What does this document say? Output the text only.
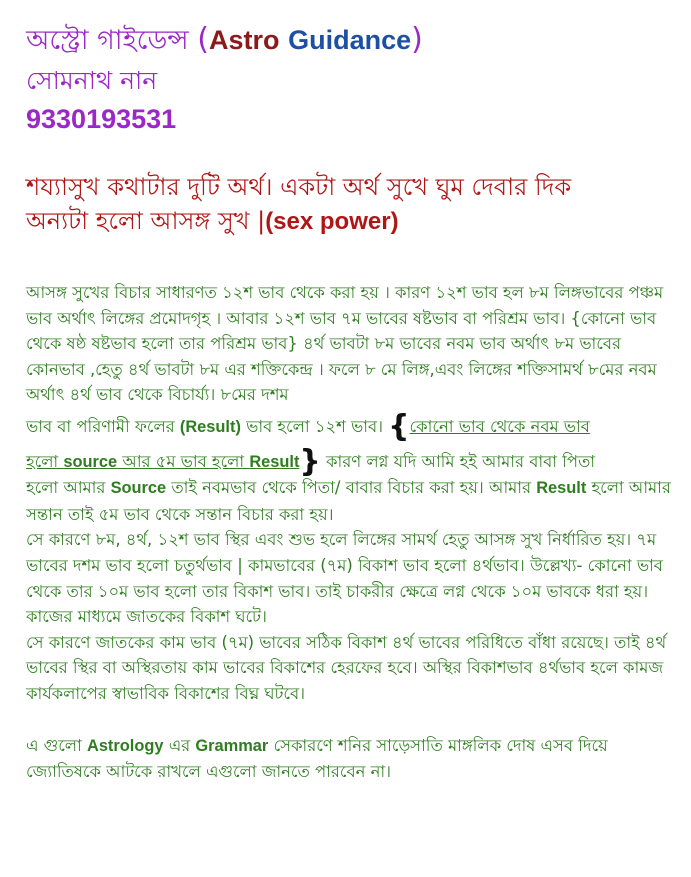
অস্ট্রো গাইডেন্স (Astro Guidance)
সোমনাথ নান
9330193531
শয্যাসুখ কথাটার দুটি অর্থ। একটা অর্থ সুখে ঘুম দেবার দিক
অন্যটা হলো আসঙ্গ সুখ |(sex power)

আসঙ্গ সুখের বিচার সাধারণত ১২শ ভাব থেকে করা হয় । কারণ ১২শ ভাব হল ৮ম লিঙ্গভাবের পঞ্চম ভাব অর্থাৎ লিঙ্গের প্রমোদগৃহ । আবার ১২শ ভাব ৭ম ভাবের ষষ্টভাব বা পরিশ্রম ভাব। {কোনো ভাব থেকে ষষ্ঠ ষষ্টভাব হলো তার পরিশ্রম ভাব} ৪র্থ ভাবটা ৮ম ভাবের নবম ভাব অর্থাৎ ৮ম ভাবের কোনভাব ,হেতু ৪র্থ ভাবটা ৮ম এর শক্তিকেন্দ্র । ফলে ৮ মে লিঙ্গ,এবং লিঙ্গের শক্তিসামর্থ ৮মের নবম অর্থাৎ ৪র্থ ভাব থেকে বিচার্য্য। ৮মের দশম

ভাব বা পরিণামী ফলের (Result) ভাব হলো ১২শ ভাব। {কোনো ভাব থেকে নবম ভাব

হলো source আর ৫ম ভাব হলো Result} কারণ লগ্ন যদি আমি হই আমার বাবা পিতা

হলো আমার Source তাই নবমভাব থেকে পিতা/ বাবার বিচার করা হয়। আমার Result হলো আমার সন্তান তাই ৫ম ভাব থেকে সন্তান বিচার করা হয়।

সে কারণে ৮ম, ৪র্থ, ১২শ ভাব স্থির এবং শুভ হলে লিঙ্গের সামর্থ হেতু আসঙ্গ সুখ নির্ধারিত হয়। ৭ম ভাবের দশম ভাব হলো চতুর্থভাব | কামভাবের (৭ম) বিকাশ ভাব হলো ৪র্থভাব। উল্লেখ্য- কোনো ভাব থেকে তার ১০ম ভাব হলো তার বিকাশ ভাব। তাই চাকরীর ক্ষেত্রে লগ্ন থেকে ১০ম ভাবকে ধরা হয়। কাজের মাধ্যমে জাতকের বিকাশ ঘটে।

সে কারণে জাতকের কাম ভাব (৭ম) ভাবের সঠিক বিকাশ ৪র্থ ভাবের পরিধিতে বাঁধা রয়েছে। তাই ৪র্থ ভাবের স্থির বা অস্থিরতায় কাম ভাবের বিকাশের হেরফের হবে। অস্থির বিকাশভাব ৪র্থভাব হলে কামজ কার্যকলাপের স্বাভাবিক বিকাশের বিঘ্ন ঘটবে।

এ গুলো Astrology এর Grammar সেকারণে শনির সাড়েসাতি মাঙ্গলিক দোষ এসব দিয়ে জ্যোতিষকে আটকে রাখলে এগুলো জানতে পারবেন না।
